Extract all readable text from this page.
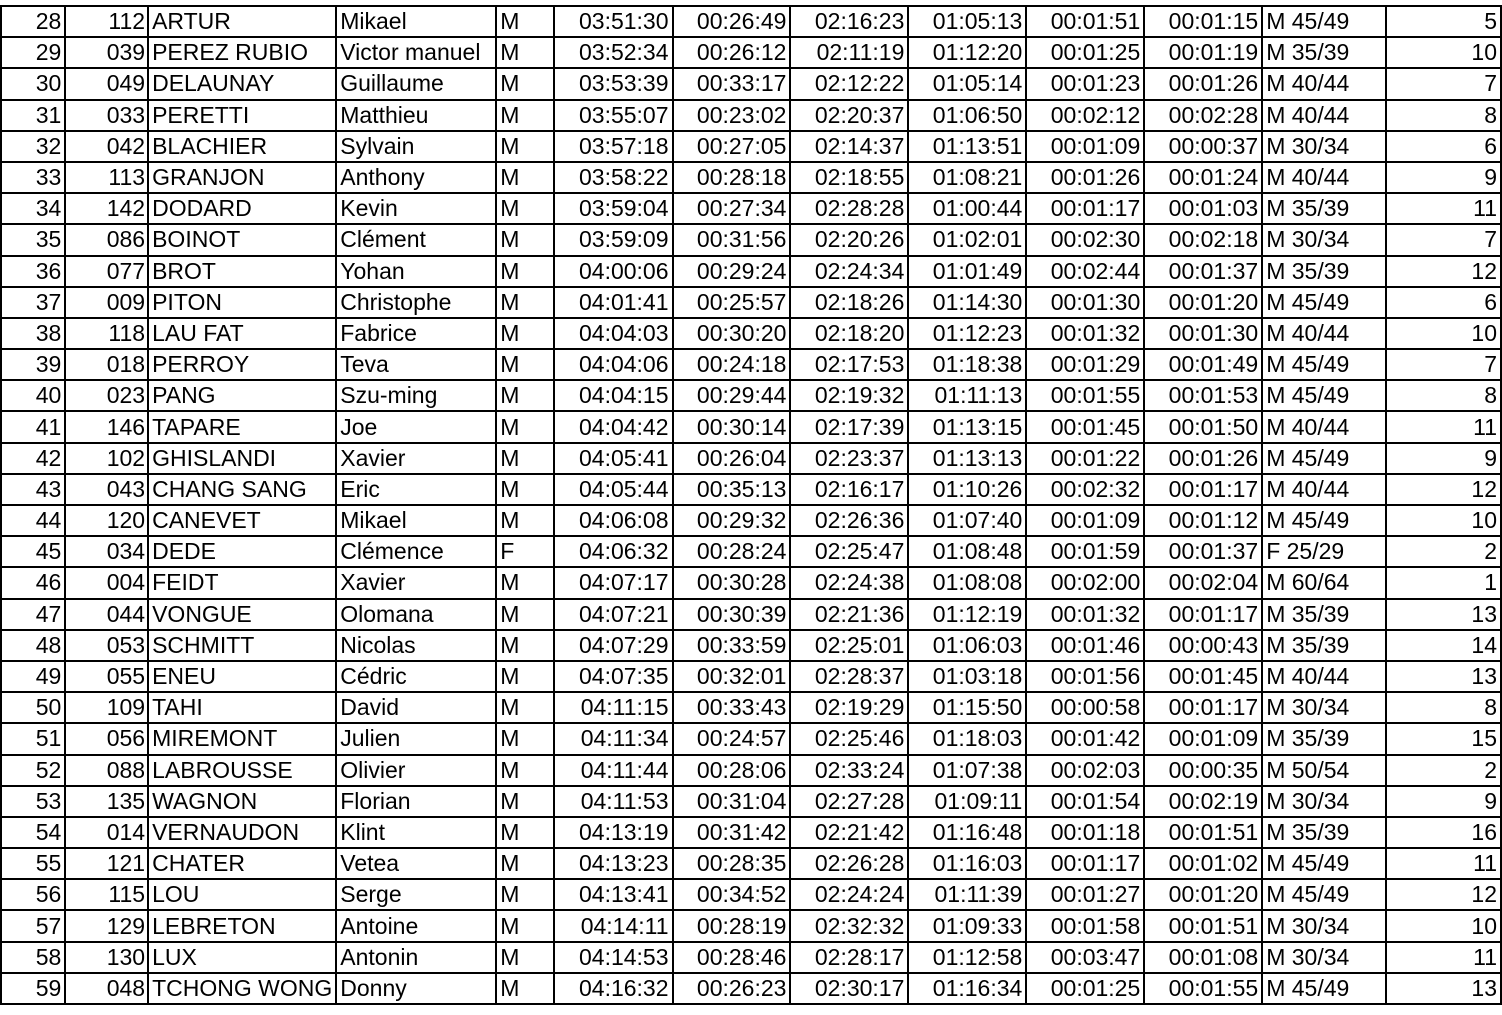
28	112	ARTUR	Mikael	M	03:51:30	00:26:49	02:16:23	01:05:13	00:01:51	00:01:15	M 45/49	5
29	039	PEREZ RUBIO	Victor manuel	M	03:52:34	00:26:12	02:11:19	01:12:20	00:01:25	00:01:19	M 35/39	10
30	049	DELAUNAY	Guillaume	M	03:53:39	00:33:17	02:12:22	01:05:14	00:01:23	00:01:26	M 40/44	7
31	033	PERETTI	Matthieu	M	03:55:07	00:23:02	02:20:37	01:06:50	00:02:12	00:02:28	M 40/44	8
32	042	BLACHIER	Sylvain	M	03:57:18	00:27:05	02:14:37	01:13:51	00:01:09	00:00:37	M 30/34	6
33	113	GRANJON	Anthony	M	03:58:22	00:28:18	02:18:55	01:08:21	00:01:26	00:01:24	M 40/44	9
34	142	DODARD	Kevin	M	03:59:04	00:27:34	02:28:28	01:00:44	00:01:17	00:01:03	M 35/39	11
35	086	BOINOT	Clément	M	03:59:09	00:31:56	02:20:26	01:02:01	00:02:30	00:02:18	M 30/34	7
36	077	BROT	Yohan	M	04:00:06	00:29:24	02:24:34	01:01:49	00:02:44	00:01:37	M 35/39	12
37	009	PITON	Christophe	M	04:01:41	00:25:57	02:18:26	01:14:30	00:01:30	00:01:20	M 45/49	6
38	118	LAU FAT	Fabrice	M	04:04:03	00:30:20	02:18:20	01:12:23	00:01:32	00:01:30	M 40/44	10
39	018	PERROY	Teva	M	04:04:06	00:24:18	02:17:53	01:18:38	00:01:29	00:01:49	M 45/49	7
40	023	PANG	Szu-ming	M	04:04:15	00:29:44	02:19:32	01:11:13	00:01:55	00:01:53	M 45/49	8
41	146	TAPARE	Joe	M	04:04:42	00:30:14	02:17:39	01:13:15	00:01:45	00:01:50	M 40/44	11
42	102	GHISLANDI	Xavier	M	04:05:41	00:26:04	02:23:37	01:13:13	00:01:22	00:01:26	M 45/49	9
43	043	CHANG SANG	Eric	M	04:05:44	00:35:13	02:16:17	01:10:26	00:02:32	00:01:17	M 40/44	12
44	120	CANEVET	Mikael	M	04:06:08	00:29:32	02:26:36	01:07:40	00:01:09	00:01:12	M 45/49	10
45	034	DEDE	Clémence	F	04:06:32	00:28:24	02:25:47	01:08:48	00:01:59	00:01:37	F 25/29	2
46	004	FEIDT	Xavier	M	04:07:17	00:30:28	02:24:38	01:08:08	00:02:00	00:02:04	M 60/64	1
47	044	VONGUE	Olomana	M	04:07:21	00:30:39	02:21:36	01:12:19	00:01:32	00:01:17	M 35/39	13
48	053	SCHMITT	Nicolas	M	04:07:29	00:33:59	02:25:01	01:06:03	00:01:46	00:00:43	M 35/39	14
49	055	ENEU	Cédric	M	04:07:35	00:32:01	02:28:37	01:03:18	00:01:56	00:01:45	M 40/44	13
50	109	TAHI	David	M	04:11:15	00:33:43	02:19:29	01:15:50	00:00:58	00:01:17	M 30/34	8
51	056	MIREMONT	Julien	M	04:11:34	00:24:57	02:25:46	01:18:03	00:01:42	00:01:09	M 35/39	15
52	088	LABROUSSE	Olivier	M	04:11:44	00:28:06	02:33:24	01:07:38	00:02:03	00:00:35	M 50/54	2
53	135	WAGNON	Florian	M	04:11:53	00:31:04	02:27:28	01:09:11	00:01:54	00:02:19	M 30/34	9
54	014	VERNAUDON	Klint	M	04:13:19	00:31:42	02:21:42	01:16:48	00:01:18	00:01:51	M 35/39	16
55	121	CHATER	Vetea	M	04:13:23	00:28:35	02:26:28	01:16:03	00:01:17	00:01:02	M 45/49	11
56	115	LOU	Serge	M	04:13:41	00:34:52	02:24:24	01:11:39	00:01:27	00:01:20	M 45/49	12
57	129	LEBRETON	Antoine	M	04:14:11	00:28:19	02:32:32	01:09:33	00:01:58	00:01:51	M 30/34	10
58	130	LUX	Antonin	M	04:14:53	00:28:46	02:28:17	01:12:58	00:03:47	00:01:08	M 30/34	11
59	048	TCHONG WONG	Donny	M	04:16:32	00:26:23	02:30:17	01:16:34	00:01:25	00:01:55	M 45/49	13
